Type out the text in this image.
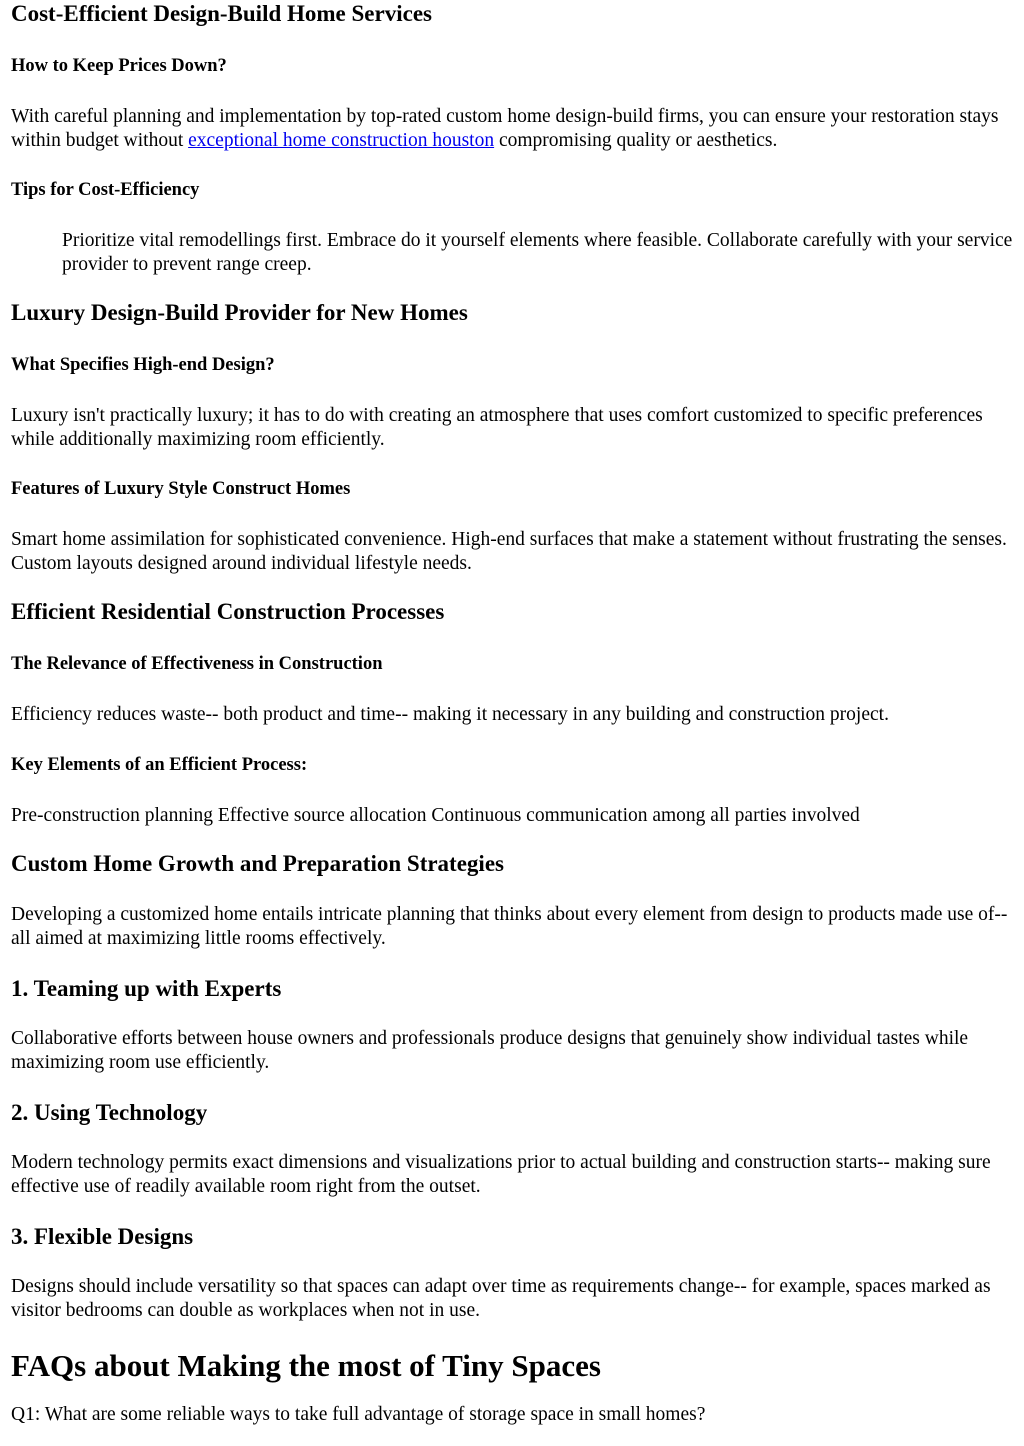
Cost-Efficient Design-Build Home Services
How to Keep Prices Down?

With careful planning and implementation by top-rated custom home design-build firms, you can ensure your restoration stays within budget without exceptional home construction houston compromising quality or aesthetics.

Tips for Cost-Efficiency
Prioritize vital remodellings first. Embrace do it yourself elements where feasible. Collaborate carefully with your service provider to prevent range creep.
Luxury Design-Build Provider for New Homes
What Specifies High-end Design?

Luxury isn't practically luxury; it has to do with creating an atmosphere that uses comfort customized to specific preferences while additionally maximizing room efficiently.

Features of Luxury Style Construct Homes

Smart home assimilation for sophisticated convenience. High-end surfaces that make a statement without frustrating the senses. Custom layouts designed around individual lifestyle needs.

Efficient Residential Construction Processes
The Relevance of Effectiveness in Construction

Efficiency reduces waste-- both product and time-- making it necessary in any building and construction project.

Key Elements of an Efficient Process:

Pre-construction planning Effective source allocation Continuous communication among all parties involved

Custom Home Growth and Preparation Strategies

Developing a customized home entails intricate planning that thinks about every element from design to products made use of-- all aimed at maximizing little rooms effectively.

1. Teaming up with Experts

Collaborative efforts between house owners and professionals produce designs that genuinely show individual tastes while maximizing room use efficiently.

2. Using Technology

Modern technology permits exact dimensions and visualizations prior to actual building and construction starts-- making sure effective use of readily available room right from the outset.

3. Flexible Designs

Designs should include versatility so that spaces can adapt over time as requirements change-- for example, spaces marked as visitor bedrooms can double as workplaces when not in use.

FAQs about Making the most of Tiny Spaces

Q1: What are some reliable ways to take full advantage of storage space in small homes?
